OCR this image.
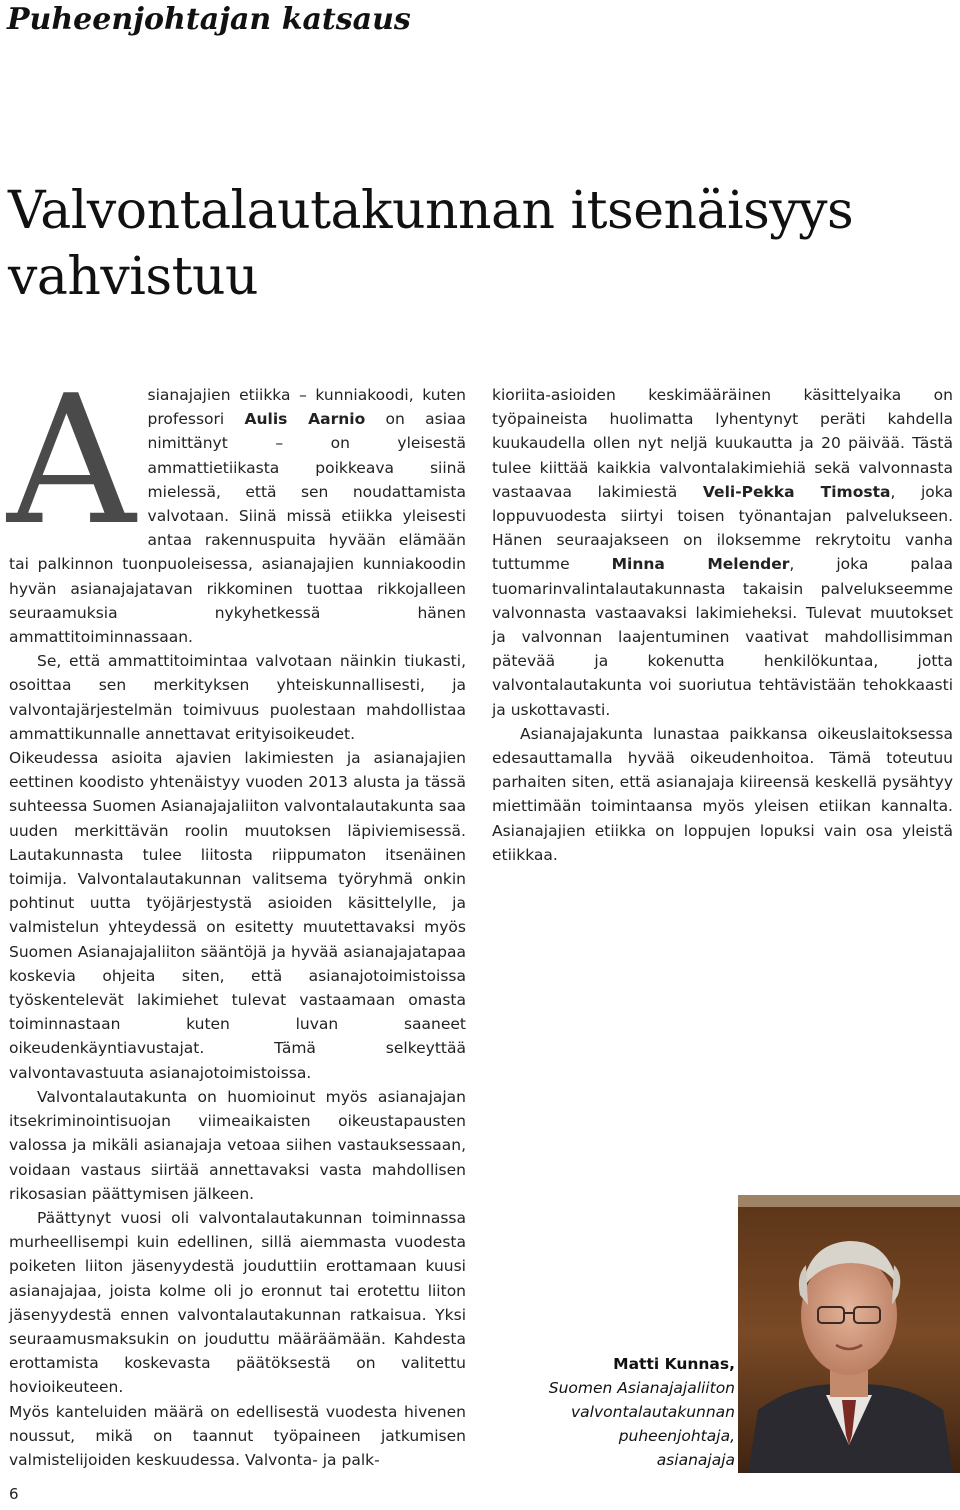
Puheenjohtajan katsaus
Valvontalautakunnan itsenäisyys vahvistuu

Asianajajien etiikka – kunniakoodi, kuten professori Aulis Aarnio on asiaa nimittänyt – on yleisestä ammattietiikasta poikkeava siinä mielessä, että sen noudattamista valvotaan. Siinä missä etiikka yleisesti antaa rakennuspuita hyvään elämään tai palkinnon tuonpuoleisessa, asianajajien kunniakoodin hyvän asianajajatavan rikkominen tuottaa rikkojalleen seuraamuksia nykyhetkessä hänen ammattitoiminnassaan.

Se, että ammattitoimintaa valvotaan näinkin tiukasti, osoittaa sen merkityksen yhteiskunnallisesti, ja valvontajärjestelmän toimivuus puolestaan mahdollistaa ammattikunnalle annettavat erityisoikeudet.

Oikeudessa asioita ajavien lakimiesten ja asianajajien eettinen koodisto yhtenäistyy vuoden 2013 alusta ja tässä suhteessa Suomen Asianajajaliiton valvontalautakunta saa uuden merkittävän roolin muutoksen läpiviemisessä. Lautakunnasta tulee liitosta riippumaton itsenäinen toimija. Valvontalautakunnan valitsema työryhmä onkin pohtinut uutta työjärjestystä asioiden käsittelylle, ja valmistelun yhteydessä on esitetty muutettavaksi myös Suomen Asianajajaliiton sääntöjä ja hyvää asianajajatapaa koskevia ohjeita siten, että asianajotoimistoissa työskentelevät lakimiehet tulevat vastaamaan omasta toiminnastaan kuten luvan saaneet oikeudenkäyntiavustajat. Tämä selkeyttää valvontavastuuta asianajotoimistoissa.

Valvontalautakunta on huomioinut myös asianajajan itsekriminointisuojan viimeaikaisten oikeustapausten valossa ja mikäli asianajaja vetoaa siihen vastauksessaan, voidaan vastaus siirtää annettavaksi vasta mahdollisen rikosasian päättymisen jälkeen.

Päättynyt vuosi oli valvontalautakunnan toiminnassa murheellisempi kuin edellinen, sillä aiemmasta vuodesta poiketen liiton jäsenyydestä jouduttiin erottamaan kuusi asianajajaa, joista kolme oli jo eronnut tai erotettu liiton jäsenyydestä ennen valvontalautakunnan ratkaisua. Yksi seuraamusmaksukin on jouduttu määräämään. Kahdesta erottamista koskevasta päätöksestä on valitettu hovioikeuteen.

Myös kanteluiden määrä on edellisestä vuodesta hivenen noussut, mikä on taannut työpaineen jatkumisen valmistelijoiden keskuudessa. Valvonta- ja palk-

kioriita-asioiden keskimääräinen käsittelyaika on työpaineista huolimatta lyhentynyt peräti kahdella kuukaudella ollen nyt neljä kuukautta ja 20 päivää. Tästä tulee kiittää kaikkia valvontalakimiehiä sekä valvonnasta vastaavaa lakimiestä Veli-Pekka Timosta, joka loppuvuodesta siirtyi toisen työnantajan palvelukseen. Hänen seuraajakseen on iloksemme rekrytoitu vanha tuttumme Minna Melender, joka palaa tuomarinvalintalautakunnasta takaisin palvelukseemme valvonnasta vastaavaksi lakimieheksi. Tulevat muutokset ja valvonnan laajentuminen vaativat mahdollisimman pätevää ja kokenutta henkilökuntaa, jotta valvontalautakunta voi suoriutua tehtävistään tehokkaasti ja uskottavasti.

Asianajajakunta lunastaa paikkansa oikeuslaitoksessa edesauttamalla hyvää oikeudenhoitoa. Tämä toteutuu parhaiten siten, että asianajaja kiireensä keskellä pysähtyy miettimään toimintaansa myös yleisen etiikan kannalta. Asianajajien etiikka on loppujen lopuksi vain osa yleistä etiikkaa.

Matti Kunnas,
Suomen Asianajajaliiton
valvontalautakunnan
puheenjohtaja,
asianajaja
6
